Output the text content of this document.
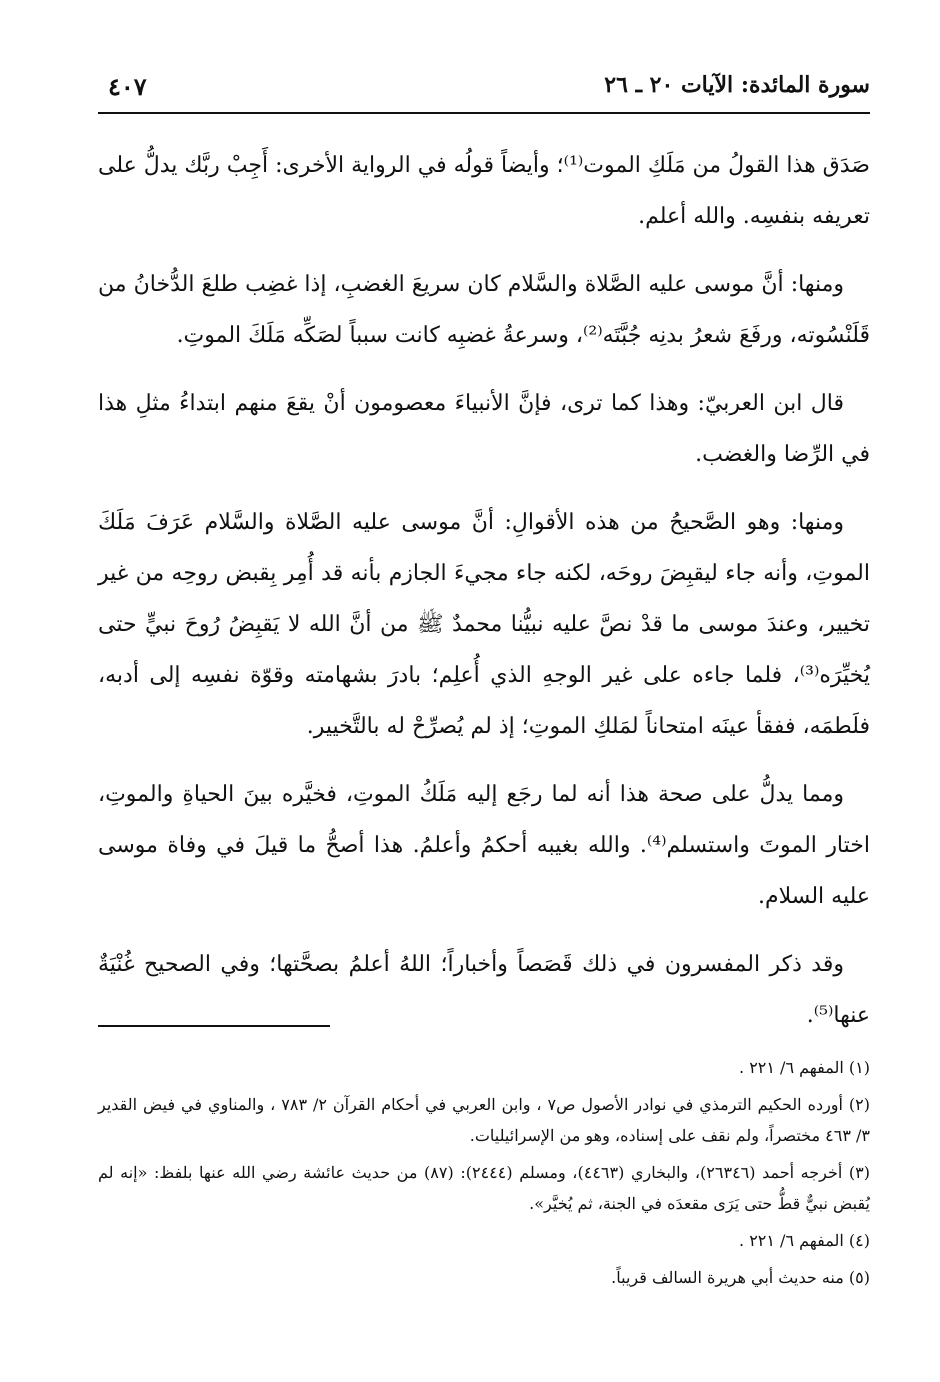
سورة المائدة: الآيات ٢٠ ـ ٢٦
٤٠٧

صَدَق هذا القولُ من مَلَكِ الموت⁽¹⁾؛ وأيضاً قولُه في الرواية الأخرى: أَجِبْ ربَّك يدلُّ على تعريفه بنفسِه. والله أعلم.

ومنها: أنَّ موسى عليه الصَّلاة والسَّلام كان سريعَ الغضبِ، إذا غضِب طلعَ الدُّخانُ من قَلَنْسُوته، ورفَعَ شعرُ بدنِه جُبَّتَه⁽²⁾، وسرعةُ غضبِه كانت سبباً لصَكِّه مَلَكَ الموتِ.

قال ابن العربيّ: وهذا كما ترى، فإنَّ الأنبياءَ معصومون أنْ يقعَ منهم ابتداءُ مثلِ هذا في الرِّضا والغضب.

ومنها: وهو الصَّحيحُ من هذه الأقوالِ: أنَّ موسى عليه الصَّلاة والسَّلام عَرَفَ مَلَكَ الموتِ، وأنه جاء ليقبِضَ روحَه، لكنه جاء مجيءَ الجازم بأنه قد أُمِر بِقبض روحِه من غير تخيير، وعندَ موسى ما قدْ نصَّ عليه نبيُّنا محمدٌ ﷺ من أنَّ الله لا يَقبِضُ رُوحَ نبيٍّ حتى يُخيِّرَه⁽³⁾، فلما جاءه على غير الوجهِ الذي أُعلِم؛ بادرَ بشهامته وقوّة نفسِه إلى أدبه، فلَطمَه، ففقأ عينَه امتحاناً لمَلكِ الموتِ؛ إذ لم يُصرِّحْ له بالتَّخيير.

ومما يدلُّ على صحة هذا أنه لما رجَع إليه مَلَكُ الموتِ، فخيَّره بينَ الحياةِ والموتِ، اختار الموتَ واستسلم⁽⁴⁾. والله بغيبه أحكمُ وأعلمُ. هذا أصحُّ ما قيلَ في وفاة موسى عليه السلام.

وقد ذكر المفسرون في ذلك قَصَصاً وأخباراً؛ اللهُ أعلمُ بصحَّتها؛ وفي الصحيح غُنْيَةٌ عنها⁽⁵⁾.

(١) المفهم ٦/ ٢٢١ .

(٢) أورده الحكيم الترمذي في نوادر الأصول ص٧ ، وابن العربي في أحكام القرآن ٢/ ٧٨٣ ، والمناوي في فيض القدير ٣/ ٤٦٣ مختصراً، ولم نقف على إسناده، وهو من الإسرائيليات.

(٣) أخرجه أحمد (٢٦٣٤٦)، والبخاري (٤٤٦٣)، ومسلم (٢٤٤٤): (٨٧) من حديث عائشة رضي الله عنها بلفظ: «إنه لم يُقبض نبيٌّ قطُّ حتى يَرَى مقعدَه في الجنة، ثم يُخيَّر».

(٤) المفهم ٦/ ٢٢١ .

(٥) منه حديث أبي هريرة السالف قريباً.
